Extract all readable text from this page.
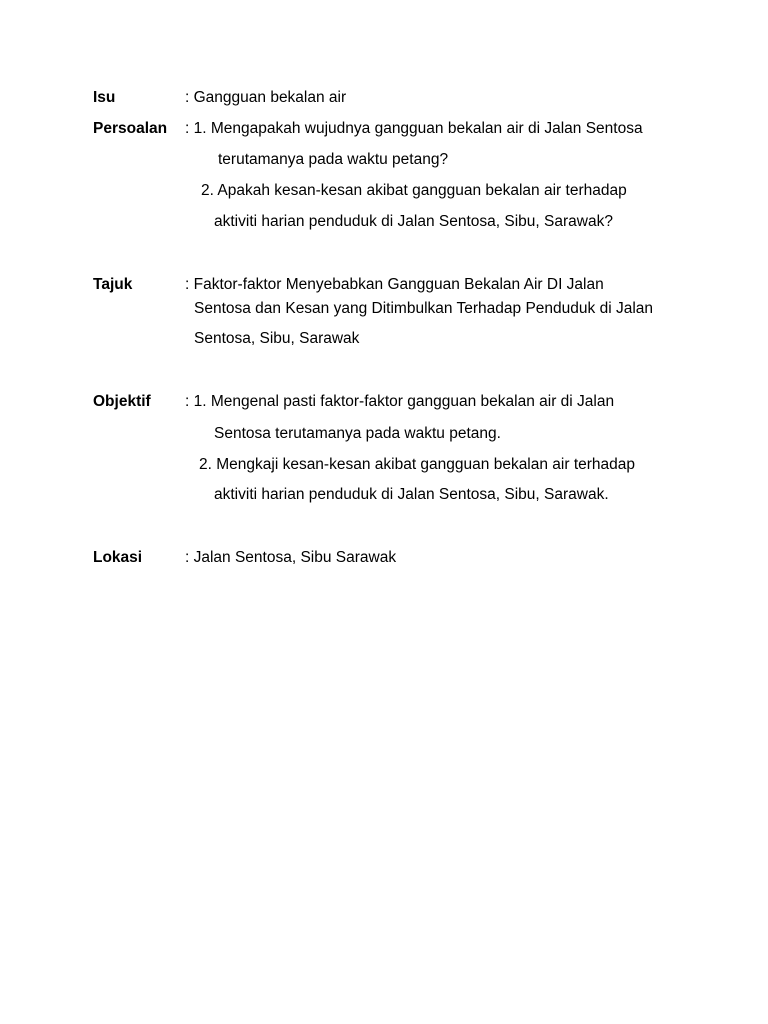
Isu	: Gangguan bekalan air
Persoalan : 1. Mengapakah wujudnya gangguan bekalan air di Jalan Sentosa
terutamanya pada waktu petang?
2. Apakah kesan-kesan akibat gangguan bekalan air terhadap
aktiviti harian penduduk di Jalan Sentosa, Sibu, Sarawak?
Tajuk	: Faktor-faktor Menyebabkan Gangguan Bekalan Air DI Jalan
Sentosa dan Kesan yang Ditimbulkan Terhadap Penduduk di Jalan
Sentosa, Sibu, Sarawak
Objektif : 1. Mengenal pasti faktor-faktor gangguan bekalan air di Jalan
Sentosa terutamanya pada waktu petang.
2. Mengkaji kesan-kesan akibat gangguan bekalan air terhadap
aktiviti harian penduduk di Jalan Sentosa, Sibu, Sarawak.
Lokasi	: Jalan Sentosa, Sibu Sarawak
